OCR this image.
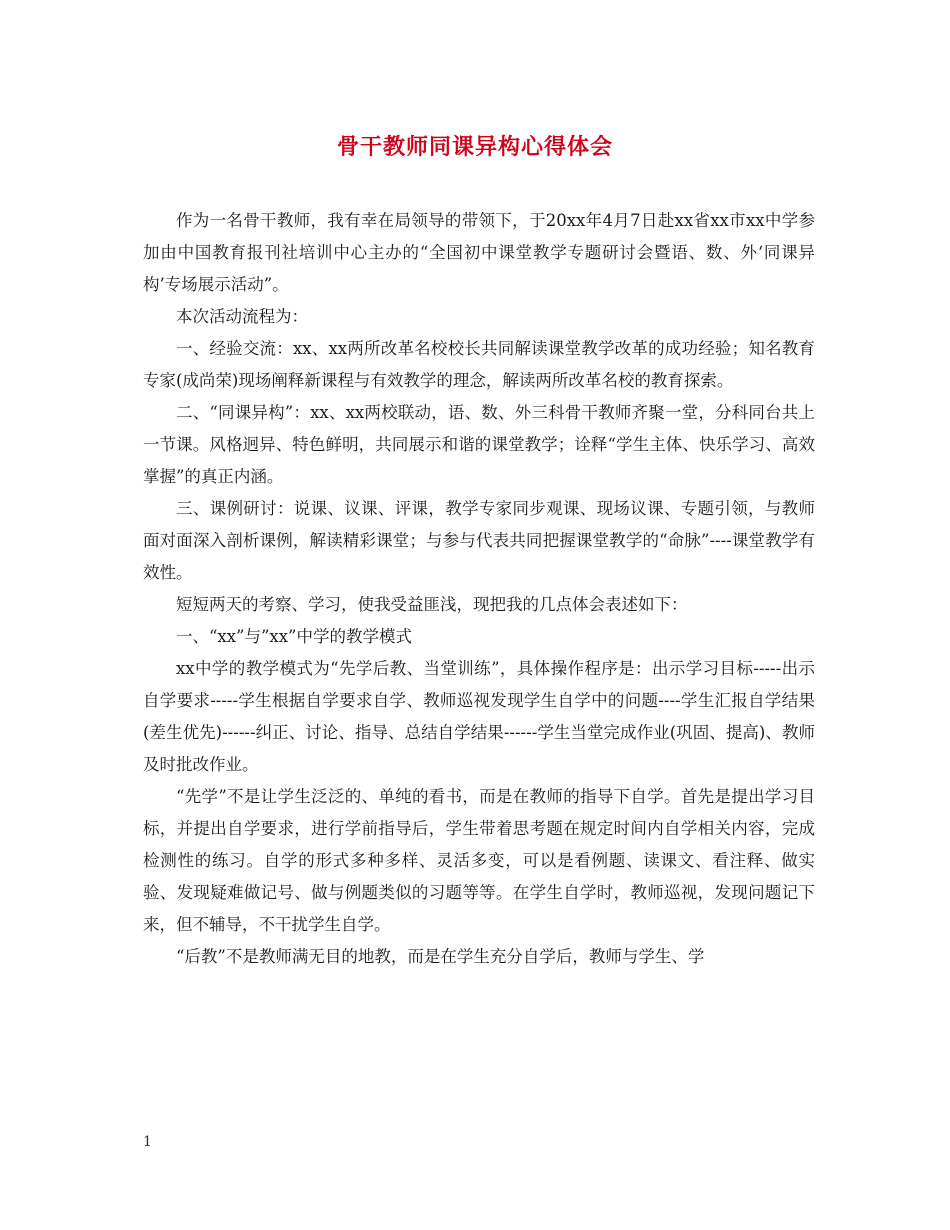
骨干教师同课异构心得体会

作为一名骨干教师，我有幸在局领导的带领下，于20xx年4月7日赴xx省xx市xx中学参加由中国教育报刊社培训中心主办的“全国初中课堂教学专题研讨会暨语、数、外‘同课异构’专场展示活动”。

本次活动流程为：

一、经验交流：xx、xx两所改革名校校长共同解读课堂教学改革的成功经验；知名教育专家(成尚荣)现场阐释新课程与有效教学的理念，解读两所改革名校的教育探索。

二、“同课异构”：xx、xx两校联动，语、数、外三科骨干教师齐聚一堂，分科同台共上一节课。风格迥异、特色鲜明，共同展示和谐的课堂教学；诠释“学生主体、快乐学习、高效掌握”的真正内涵。

三、课例研讨：说课、议课、评课，教学专家同步观课、现场议课、专题引领，与教师面对面深入剖析课例，解读精彩课堂；与参与代表共同把握课堂教学的“命脉”----课堂教学有效性。

短短两天的考察、学习，使我受益匪浅，现把我的几点体会表述如下：

一、“xx”与”xx”中学的教学模式

xx中学的教学模式为“先学后教、当堂训练”，具体操作程序是：出示学习目标-----出示自学要求-----学生根据自学要求自学、教师巡视发现学生自学中的问题----学生汇报自学结果(差生优先)------纠正、讨论、指导、总结自学结果------学生当堂完成作业(巩固、提高)、教师及时批改作业。

“先学”不是让学生泛泛的、单纯的看书，而是在教师的指导下自学。首先是提出学习目标，并提出自学要求，进行学前指导后，学生带着思考题在规定时间内自学相关内容，完成检测性的练习。自学的形式多种多样、灵活多变，可以是看例题、读课文、看注释、做实验、发现疑难做记号、做与例题类似的习题等等。在学生自学时，教师巡视，发现问题记下来，但不辅导，不干扰学生自学。

“后教”不是教师满无目的地教，而是在学生充分自学后，教师与学生、学

1
